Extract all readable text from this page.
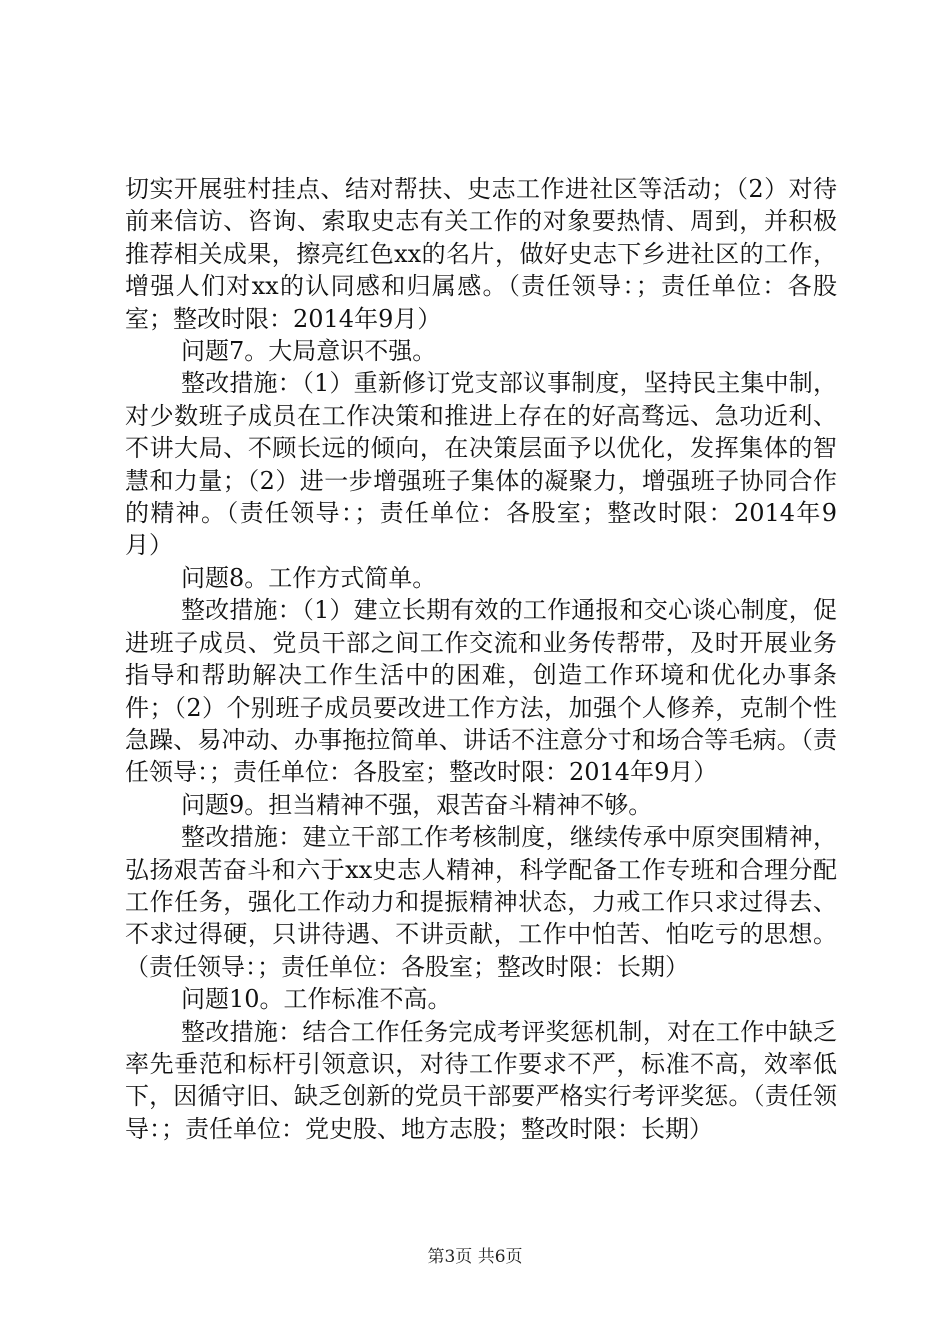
切实开展驻村挂点、结对帮扶、史志工作进社区等活动；（2）对待前来信访、咨询、索取史志有关工作的对象要热情、周到，并积极推荐相关成果，擦亮红色xx的名片，做好史志下乡进社区的工作，增强人们对xx的认同感和归属感。（责任领导：；责任单位：各股室；整改时限：2014年9月）

问题7。大局意识不强。

整改措施：（1）重新修订党支部议事制度，坚持民主集中制，对少数班子成员在工作决策和推进上存在的好高骛远、急功近利、不讲大局、不顾长远的倾向，在决策层面予以优化，发挥集体的智慧和力量；（2）进一步增强班子集体的凝聚力，增强班子协同合作的精神。（责任领导：；责任单位：各股室；整改时限：2014年9月）

问题8。工作方式简单。

整改措施：（1）建立长期有效的工作通报和交心谈心制度，促进班子成员、党员干部之间工作交流和业务传帮带，及时开展业务指导和帮助解决工作生活中的困难，创造工作环境和优化办事条件；（2）个别班子成员要改进工作方法，加强个人修养，克制个性急躁、易冲动、办事拖拉简单、讲话不注意分寸和场合等毛病。（责任领导：；责任单位：各股室；整改时限：2014年9月）

问题9。担当精神不强，艰苦奋斗精神不够。

整改措施：建立干部工作考核制度，继续传承中原突围精神，弘扬艰苦奋斗和六于xx史志人精神，科学配备工作专班和合理分配工作任务，强化工作动力和提振精神状态，力戒工作只求过得去、不求过得硬，只讲待遇、不讲贡献，工作中怕苦、怕吃亏的思想。（责任领导：；责任单位：各股室；整改时限：长期）

问题10。工作标准不高。

整改措施：结合工作任务完成考评奖惩机制，对在工作中缺乏率先垂范和标杆引领意识，对待工作要求不严，标准不高，效率低下，因循守旧、缺乏创新的党员干部要严格实行考评奖惩。（责任领导：；责任单位：党史股、地方志股；整改时限：长期）

第3页 共6页
